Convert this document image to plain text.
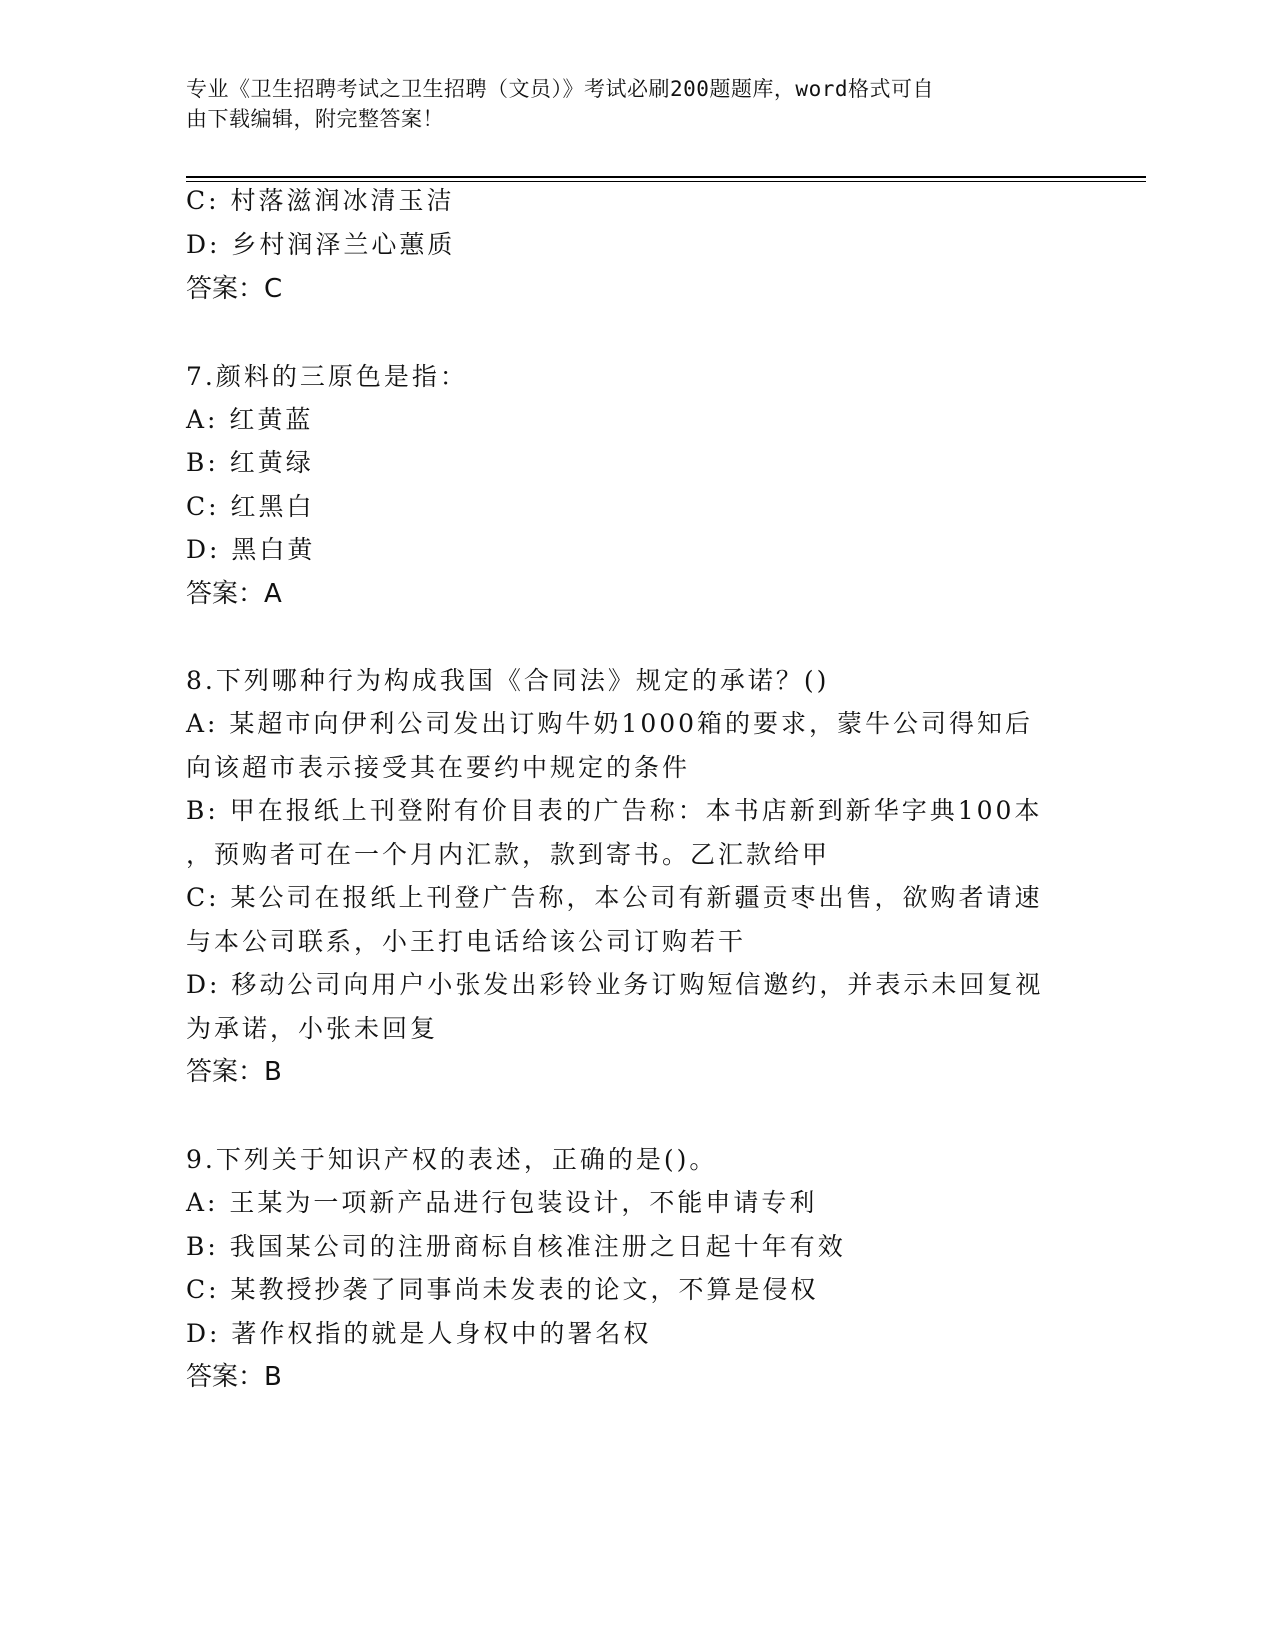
专业《卫生招聘考试之卫生招聘（文员）》考试必刷200题题库，word格式可自
由下载编辑，附完整答案！
C: 村落滋润冰清玉洁
D: 乡村润泽兰心蕙质
答案：C
7.颜料的三原色是指：
A: 红黄蓝
B: 红黄绿
C: 红黑白
D: 黑白黄
答案：A
8.下列哪种行为构成我国《合同法》规定的承诺？()
A: 某超市向伊利公司发出订购牛奶1000箱的要求，蒙牛公司得知后
向该超市表示接受其在要约中规定的条件
B: 甲在报纸上刊登附有价目表的广告称：本书店新到新华字典100本
，预购者可在一个月内汇款，款到寄书。乙汇款给甲
C: 某公司在报纸上刊登广告称，本公司有新疆贡枣出售，欲购者请速
与本公司联系，小王打电话给该公司订购若干
D: 移动公司向用户小张发出彩铃业务订购短信邀约，并表示未回复视
为承诺，小张未回复
答案：B
9.下列关于知识产权的表述，正确的是()。
A: 王某为一项新产品进行包装设计，不能申请专利
B: 我国某公司的注册商标自核准注册之日起十年有效
C: 某教授抄袭了同事尚未发表的论文，不算是侵权
D: 著作权指的就是人身权中的署名权
答案：B
